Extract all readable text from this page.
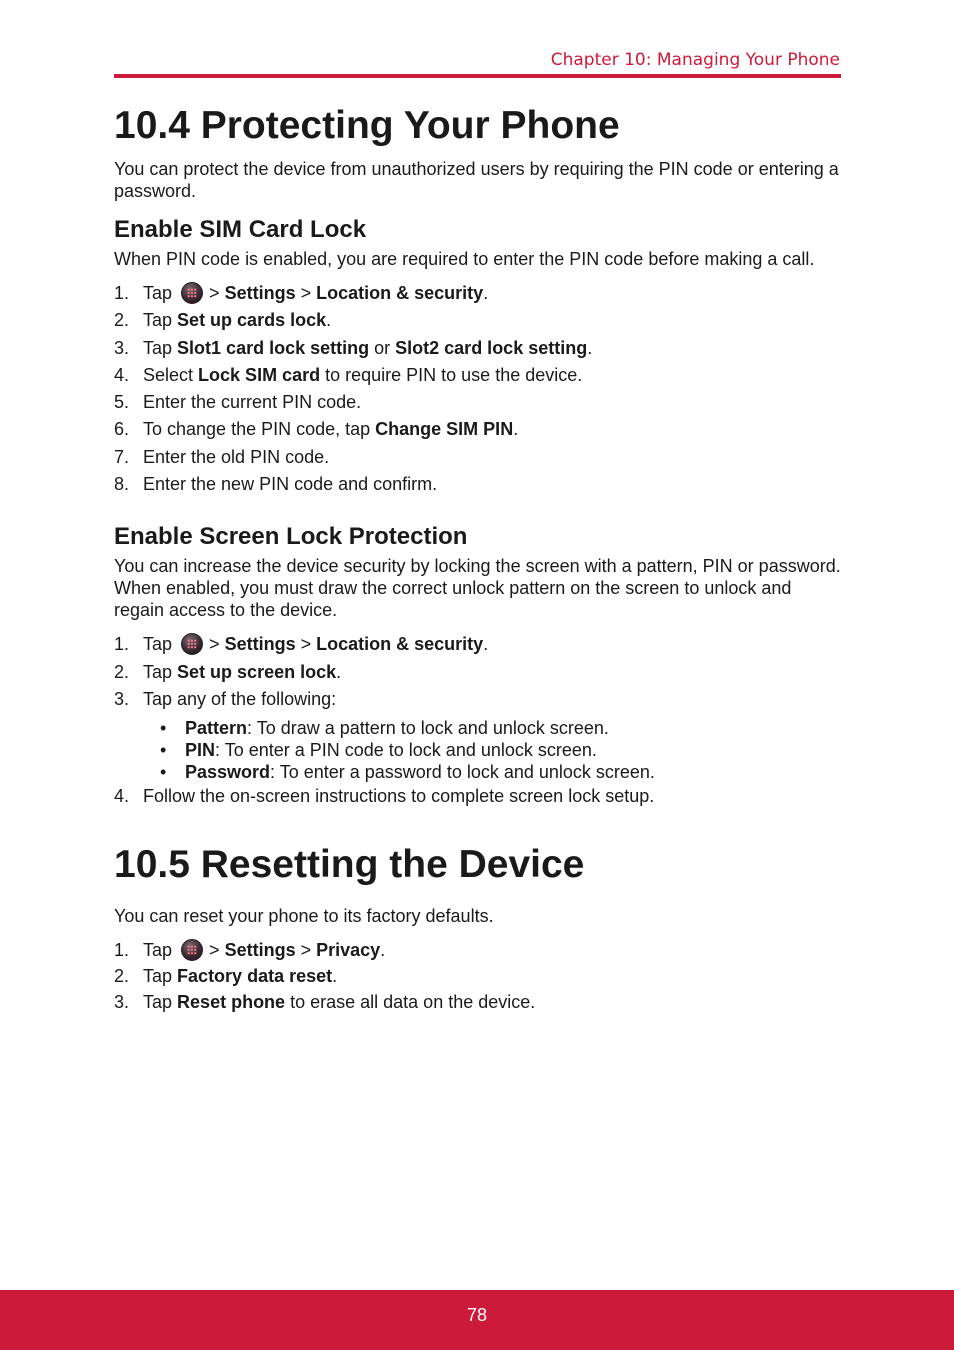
Chapter 10: Managing Your Phone
10.4 Protecting Your Phone

You can protect the device from unauthorized users by requiring the PIN code or entering a password.

Enable SIM Card Lock

When PIN code is enabled, you are required to enter the PIN code before making a call.

1. Tap > Settings > Location & security.
2. Tap Set up cards lock.
3. Tap Slot1 card lock setting or Slot2 card lock setting.
4. Select Lock SIM card to require PIN to use the device.
5. Enter the current PIN code.
6. To change the PIN code, tap Change SIM PIN.
7. Enter the old PIN code.
8. Enter the new PIN code and confirm.
Enable Screen Lock Protection

You can increase the device security by locking the screen with a pattern, PIN or password. When enabled, you must draw the correct unlock pattern on the screen to unlock and regain access to the device.

1. Tap > Settings > Location & security.
2. Tap Set up screen lock.
3. Tap any of the following:
• Pattern: To draw a pattern to lock and unlock screen.
• PIN: To enter a PIN code to lock and unlock screen.
• Password: To enter a password to lock and unlock screen.
4. Follow the on-screen instructions to complete screen lock setup.
10.5 Resetting the Device

You can reset your phone to its factory defaults.

1. Tap > Settings > Privacy.
2. Tap Factory data reset.
3. Tap Reset phone to erase all data on the device.
78
